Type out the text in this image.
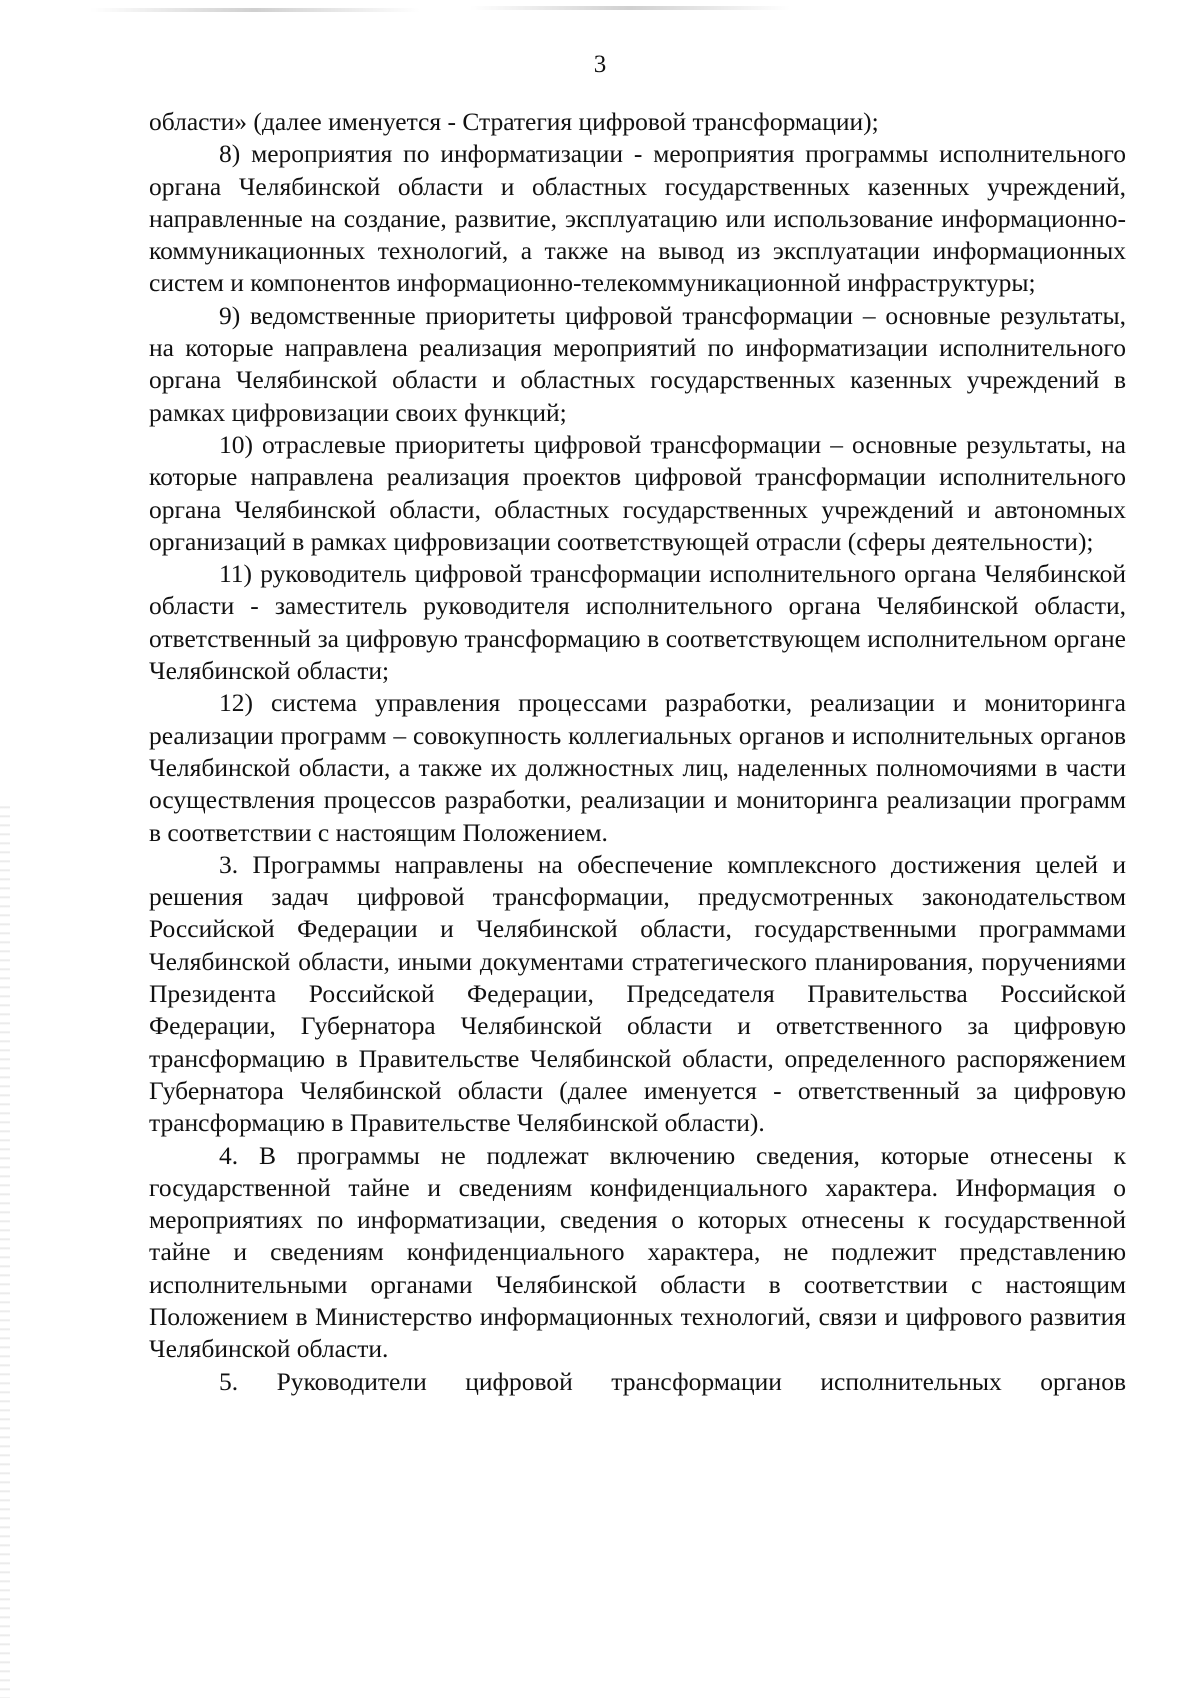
3

области» (далее именуется - Стратегия цифровой трансформации);

8) мероприятия по информатизации - мероприятия программы исполнительного органа Челябинской области и областных государственных казенных учреждений, направленные на создание, развитие, эксплуатацию или использование информационно-коммуникационных технологий, а также на вывод из эксплуатации информационных систем и компонентов информационно-телекоммуникационной инфраструктуры;

9) ведомственные приоритеты цифровой трансформации – основные результаты, на которые направлена реализация мероприятий по информатизации исполнительного органа Челябинской области и областных государственных казенных учреждений в рамках цифровизации своих функций;

10) отраслевые приоритеты цифровой трансформации – основные результаты, на которые направлена реализация проектов цифровой трансформации исполнительного органа Челябинской области, областных государственных учреждений и автономных организаций в рамках цифровизации соответствующей отрасли (сферы деятельности);

11) руководитель цифровой трансформации исполнительного органа Челябинской области - заместитель руководителя исполнительного органа Челябинской области, ответственный за цифровую трансформацию в соответствующем исполнительном органе Челябинской области;

12) система управления процессами разработки, реализации и мониторинга реализации программ – совокупность коллегиальных органов и исполнительных органов Челябинской области, а также их должностных лиц, наделенных полномочиями в части осуществления процессов разработки, реализации и мониторинга реализации программ в соответствии с настоящим Положением.

3. Программы направлены на обеспечение комплексного достижения целей и решения задач цифровой трансформации, предусмотренных законодательством Российской Федерации и Челябинской области, государственными программами Челябинской области, иными документами стратегического планирования, поручениями Президента Российской Федерации, Председателя Правительства Российской Федерации, Губернатора Челябинской области и ответственного за цифровую трансформацию в Правительстве Челябинской области, определенного распоряжением Губернатора Челябинской области (далее именуется - ответственный за цифровую трансформацию в Правительстве Челябинской области).

4. В программы не подлежат включению сведения, которые отнесены к государственной тайне и сведениям конфиденциального характера. Информация о мероприятиях по информатизации, сведения о которых отнесены к государственной тайне и сведениям конфиденциального характера, не подлежит представлению исполнительными органами Челябинской области в соответствии с настоящим Положением в Министерство информационных технологий, связи и цифрового развития Челябинской области.

5. Руководители цифровой трансформации исполнительных органов
